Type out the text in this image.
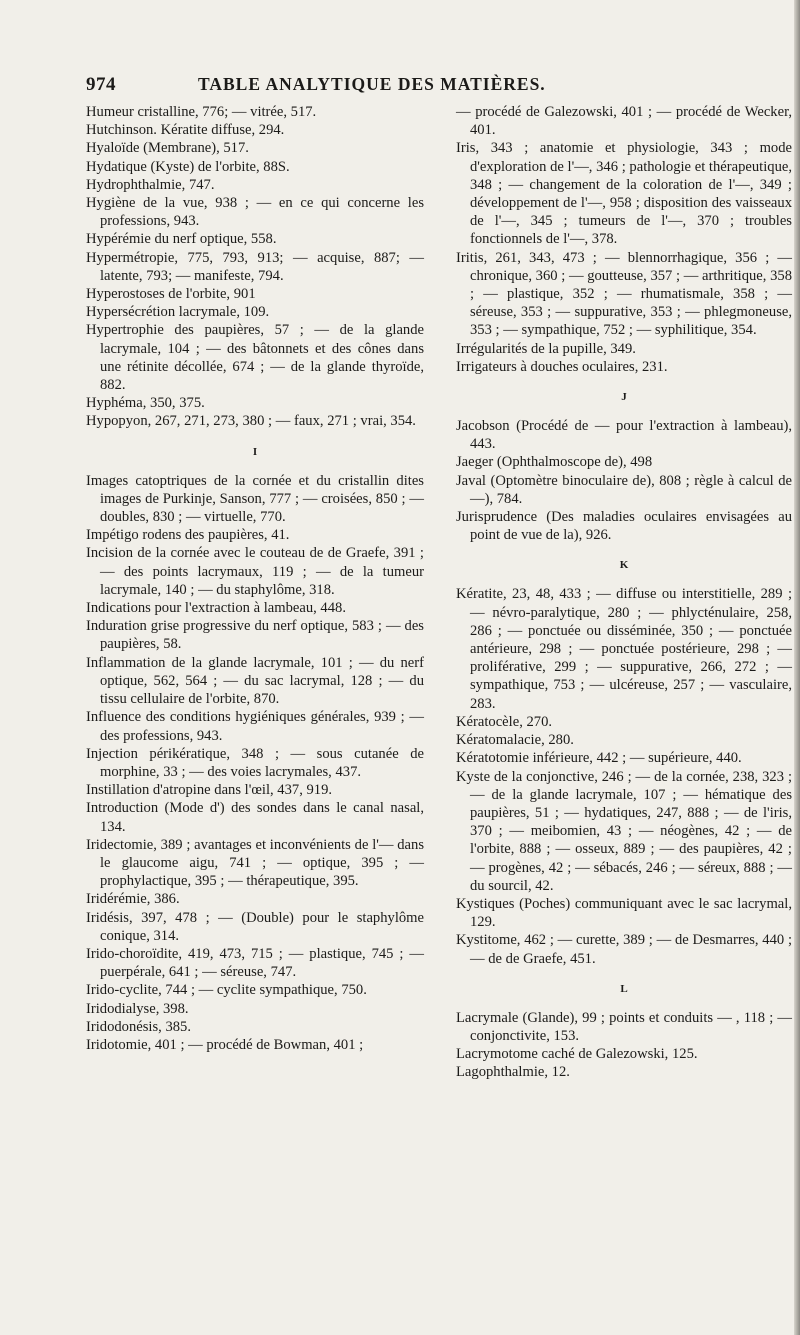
974	TABLE ANALYTIQUE DES MATIÈRES.

Humeur cristalline, 776; — vitrée, 517.

Hutchinson. Kératite diffuse, 294.

Hyaloïde (Membrane), 517.

Hydatique (Kyste) de l'orbite, 88S.

Hydrophthalmie, 747.

Hygiène de la vue, 938 ; — en ce qui concerne les professions, 943.

Hypérémie du nerf optique, 558.

Hypermétropie, 775, 793, 913; — acquise, 887; — latente, 793; — manifeste, 794.

Hyperostoses de l'orbite, 901

Hypersécrétion lacrymale, 109.

Hypertrophie des paupières, 57 ; — de la glande lacrymale, 104 ; — des bâtonnets et des cônes dans une rétinite décollée, 674 ; — de la glande thyroïde, 882.

Hyphéma, 350, 375.

Hypopyon, 267, 271, 273, 380 ; — faux, 271 ; vrai, 354.

I

Images catoptriques de la cornée et du cristallin dites images de Purkinje, Sanson, 777 ; — croisées, 850 ; — doubles, 830 ; — virtuelle, 770.

Impétigo rodens des paupières, 41.

Incision de la cornée avec le couteau de de Graefe, 391 ; — des points lacrymaux, 119 ; — de la tumeur lacrymale, 140 ; — du staphylôme, 318.

Indications pour l'extraction à lambeau, 448.

Induration grise progressive du nerf optique, 583 ; — des paupières, 58.

Inflammation de la glande lacrymale, 101 ; — du nerf optique, 562, 564 ; — du sac lacrymal, 128 ; — du tissu cellulaire de l'orbite, 870.

Influence des conditions hygiéniques générales, 939 ; — des professions, 943.

Injection périkératique, 348 ; — sous cutanée de morphine, 33 ; — des voies lacrymales, 437.

Instillation d'atropine dans l'œil, 437, 919.

Introduction (Mode d') des sondes dans le canal nasal, 134.

Iridectomie, 389 ; avantages et inconvénients de l'— dans le glaucome aigu, 741 ; — optique, 395 ; — prophylactique, 395 ; — thérapeutique, 395.

Iridérémie, 386.

Iridésis, 397, 478 ; — (Double) pour le staphylôme conique, 314.

Irido-choroïdite, 419, 473, 715 ; — plastique, 745 ; — puerpérale, 641 ; — séreuse, 747.

Irido-cyclite, 744 ; — cyclite sympathique, 750.

Iridodialyse, 398.

Iridodonésis, 385.

Iridotomie, 401 ; — procédé de Bowman, 401 ;

— procédé de Galezowski, 401 ; — procédé de Wecker, 401.

Iris, 343 ; anatomie et physiologie, 343 ; mode d'exploration de l'—, 346 ; pathologie et thérapeutique, 348 ; — changement de la coloration de l'—, 349 ; développement de l'—, 958 ; disposition des vaisseaux de l'—, 345 ; tumeurs de l'—, 370 ; troubles fonctionnels de l'—, 378.

Iritis, 261, 343, 473 ; — blennorrhagique, 356 ; — chronique, 360 ; — goutteuse, 357 ; — arthritique, 358 ; — plastique, 352 ; — rhumatismale, 358 ; — séreuse, 353 ; — suppurative, 353 ; — phlegmoneuse, 353 ; — sympathique, 752 ; — syphilitique, 354.

Irrégularités de la pupille, 349.

Irrigateurs à douches oculaires, 231.

J

Jacobson (Procédé de — pour l'extraction à lambeau), 443.

Jaeger (Ophthalmoscope de), 498

Javal (Optomètre binoculaire de), 808 ; règle à calcul de —), 784.

Jurisprudence (Des maladies oculaires envisagées au point de vue de la), 926.

K

Kératite, 23, 48, 433 ; — diffuse ou interstitielle, 289 ; — névro-paralytique, 280 ; — phlycténulaire, 258, 286 ; — ponctuée ou disséminée, 350 ; — ponctuée antérieure, 298 ; — ponctuée postérieure, 298 ; — proliférative, 299 ; — suppurative, 266, 272 ; — sympathique, 753 ; — ulcéreuse, 257 ; — vasculaire, 283.

Kératocèle, 270.

Kératomalacie, 280.

Kératotomie inférieure, 442 ; — supérieure, 440.

Kyste de la conjonctive, 246 ; — de la cornée, 238, 323 ; — de la glande lacrymale, 107 ; — hématique des paupières, 51 ; — hydatiques, 247, 888 ; — de l'iris, 370 ; — meibomien, 43 ; — néogènes, 42 ; — de l'orbite, 888 ; — osseux, 889 ; — des paupières, 42 ; — progènes, 42 ; — sébacés, 246 ; — séreux, 888 ; — du sourcil, 42.

Kystiques (Poches) communiquant avec le sac lacrymal, 129.

Kystitome, 462 ; — curette, 389 ; — de Desmarres, 440 ; — de de Graefe, 451.

L

Lacrymale (Glande), 99 ; points et conduits — , 118 ; — conjonctivite, 153.

Lacrymotome caché de Galezowski, 125.

Lagophthalmie, 12.
